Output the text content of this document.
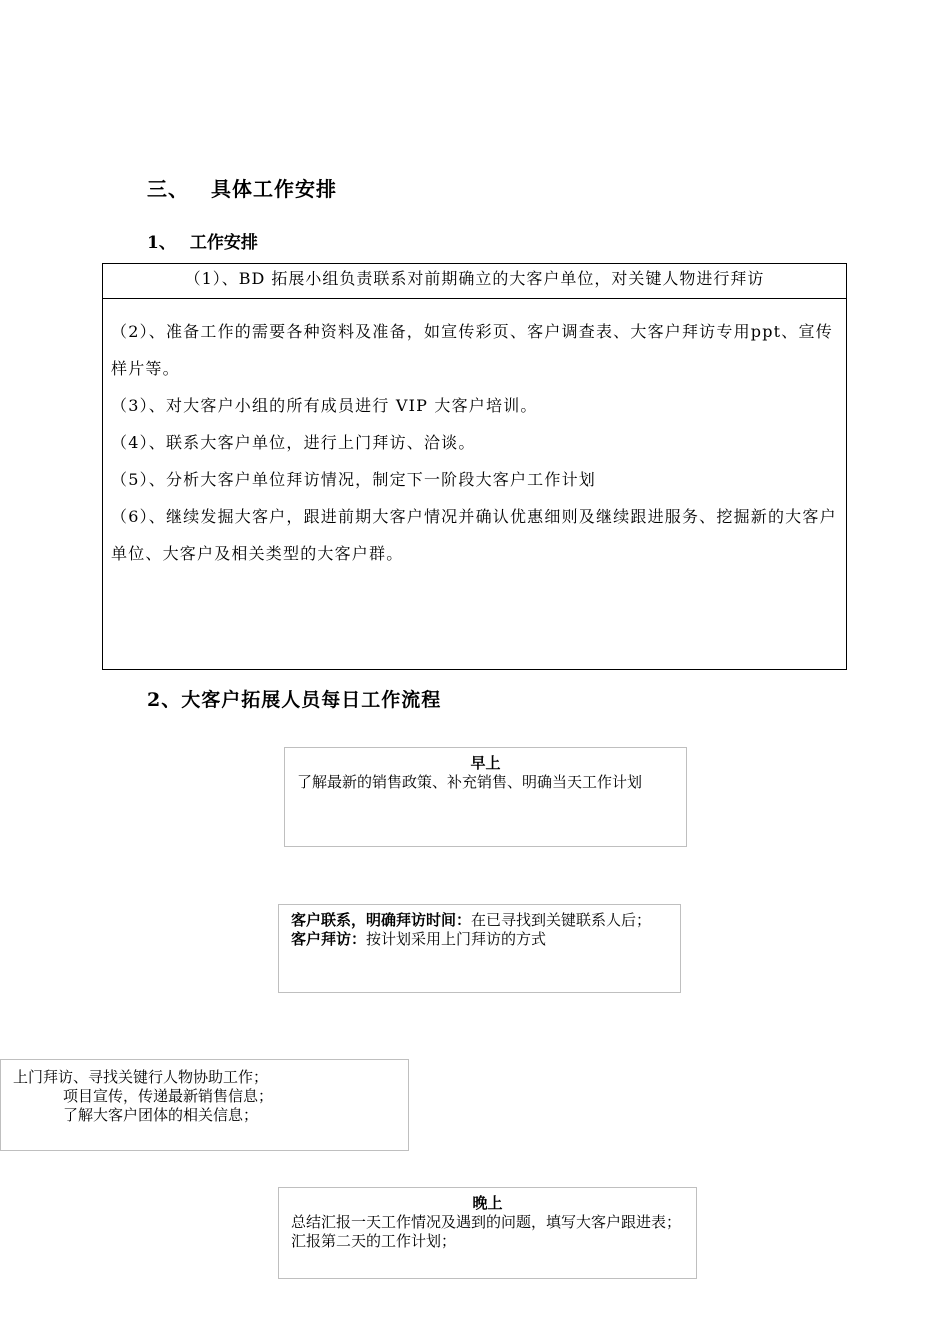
三、 具体工作安排
1、 工作安排
（1）、BD 拓展小组负责联系对前期确立的大客户单位，对关键人物进行拜访

（2）、准备工作的需要各种资料及准备，如宣传彩页、客户调查表、大客户拜访专用ppt、宣传样片等。

（3）、对大客户小组的所有成员进行 VIP 大客户培训。

（4）、联系大客户单位，进行上门拜访、洽谈。

（5）、分析大客户单位拜访情况，制定下一阶段大客户工作计划

（6）、继续发掘大客户，跟进前期大客户情况并确认优惠细则及继续跟进服务、挖掘新的大客户单位、大客户及相关类型的大客户群。

2、大客户拓展人员每日工作流程
早上
了解最新的销售政策、补充销售、明确当天工作计划
客户联系，明确拜访时间：在已寻找到关键联系人后；
客户拜访：按计划采用上门拜访的方式
上门拜访、寻找关键行人物协助工作；
项目宣传，传递最新销售信息；
了解大客户团体的相关信息；
晚上
总结汇报一天工作情况及遇到的问题，填写大客户跟进表；汇报第二天的工作计划；
